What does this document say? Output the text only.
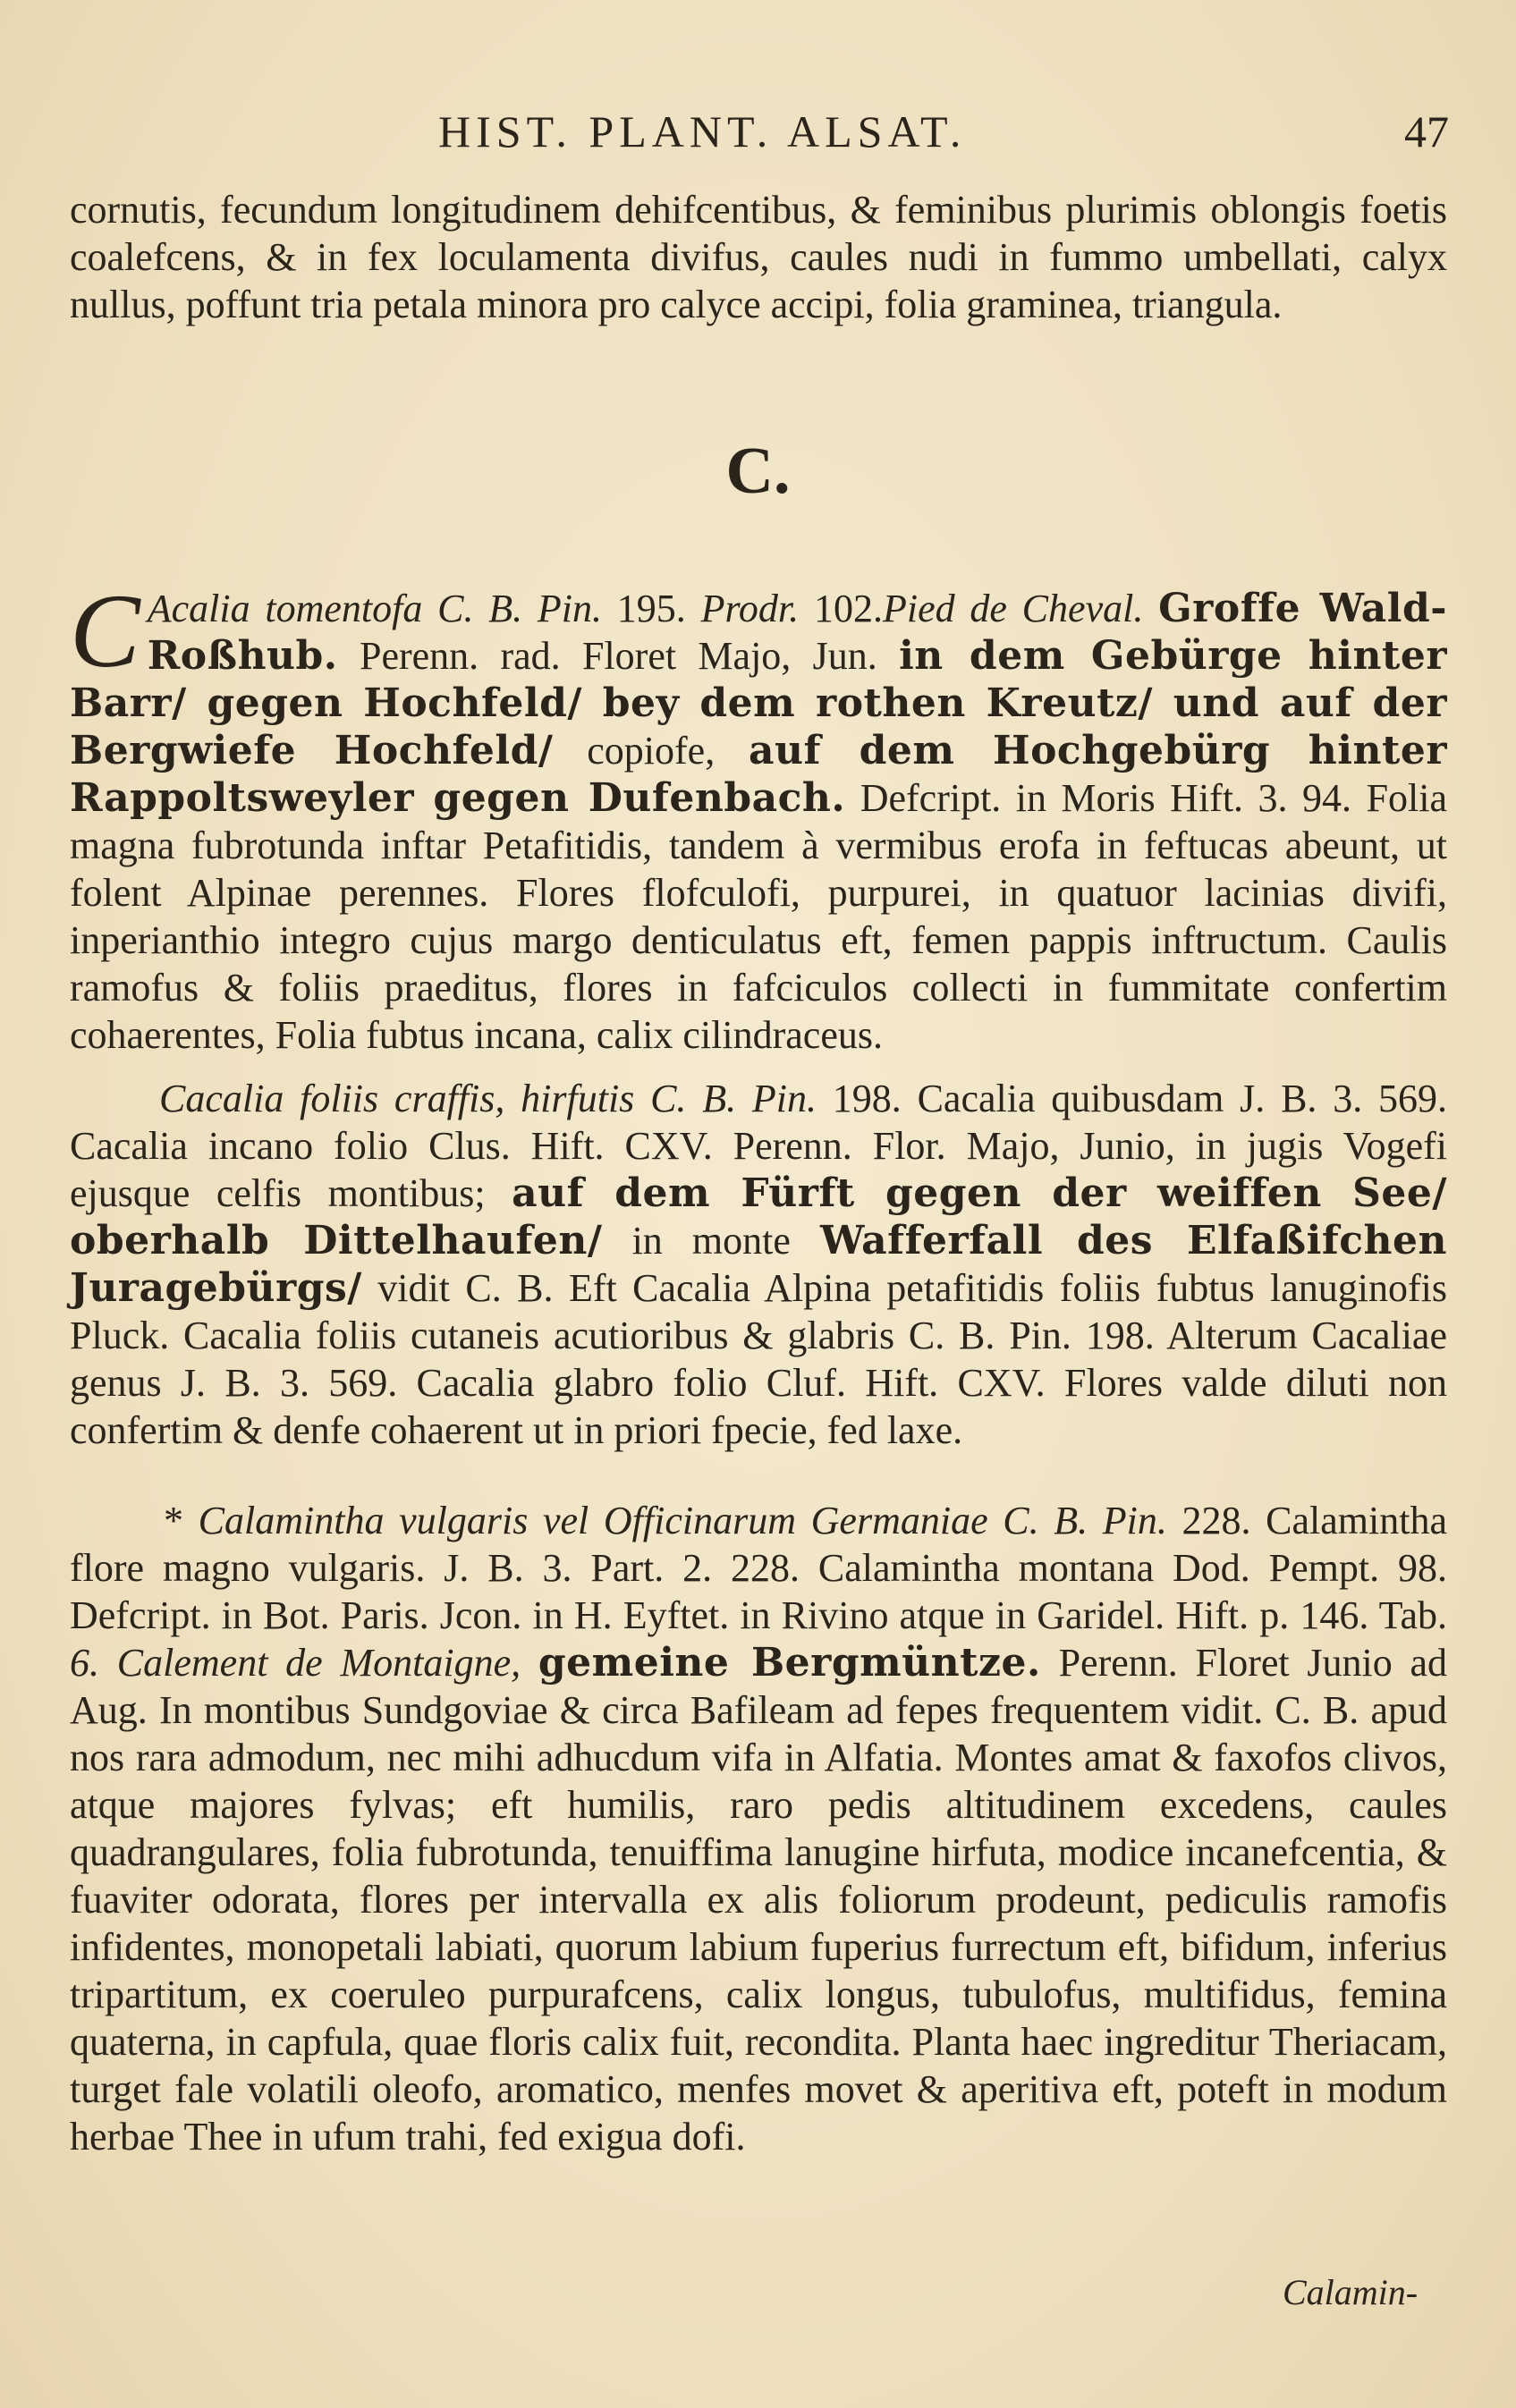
HIST. PLANT. ALSAT.	47

cornutis, fecundum longitudinem dehifcentibus, & feminibus plurimis oblongis foetis coalefcens, & in fex loculamenta divifus, caules nudi in fummo umbellati, calyx nullus, poffunt tria petala minora pro calyce accipi, folia graminea, triangula.

C.

C Acalia tomentofa C. B. Pin. 195. Prodr. 102.Pied de Cheval. Groffe Wald-Roßhub. Perenn. rad. Floret Majo, Jun. in dem Gebürge hinter Barr/ gegen Hochfeld/ bey dem rothen Kreutz/ und auf der Bergwiefe Hochfeld/ copiofe, auf dem Hochgebürg hinter Rappoltsweyler gegen Dufenbach. Defcript. in Moris Hift. 3. 94. Folia magna fubrotunda inftar Petafitidis, tandem à vermibus erofa in feftucas abeunt, ut folent Alpinae perennes. Flores flofculofi, purpurei, in quatuor lacinias divifi, inperianthio integro cujus margo denticulatus eft, femen pappis inftructum. Caulis ramofus & foliis praeditus, flores in fafciculos collecti in fummitate confertim cohaerentes, Folia fubtus incana, calix cilindraceus.

Cacalia foliis craffis, hirfutis C. B. Pin. 198. Cacalia quibusdam J. B. 3. 569. Cacalia incano folio Clus. Hift. CXV. Perenn. Flor. Majo, Junio, in jugis Vogefi ejusque celfis montibus; auf dem Fürft gegen der weiffen See/ oberhalb Dittelhaufen/ in monte Wafferfall des Elfaßifchen Juragebürgs/ vidit C. B. Eft Cacalia Alpina petafitidis foliis fubtus lanuginofis Pluck. Cacalia foliis cutaneis acutioribus & glabris C. B. Pin. 198. Alterum Cacaliae genus J. B. 3. 569. Cacalia glabro folio Cluf. Hift. CXV. Flores valde diluti non confertim & denfe cohaerent ut in priori fpecie, fed laxe.

* Calamintha vulgaris vel Officinarum Germaniae C. B. Pin. 228. Calamintha flore magno vulgaris. J. B. 3. Part. 2. 228. Calamintha montana Dod. Pempt. 98. Defcript. in Bot. Paris. Jcon. in H. Eyftet. in Rivino atque in Garidel. Hift. p. 146. Tab. 6. Calement de Montaigne, gemeine Bergmüntze. Perenn. Floret Junio ad Aug. In montibus Sundgoviae & circa Bafileam ad fepes frequentem vidit. C. B. apud nos rara admodum, nec mihi adhucdum vifa in Alfatia. Montes amat & faxofos clivos, atque majores fylvas; eft humilis, raro pedis altitudinem excedens, caules quadrangulares, folia fubrotunda, tenuiffima lanugine hirfuta, modice incanefcentia, & fuaviter odorata, flores per intervalla ex alis foliorum prodeunt, pediculis ramofis infidentes, monopetali labiati, quorum labium fuperius furrectum eft, bifidum, inferius tripartitum, ex coeruleo purpurafcens, calix longus, tubulofus, multifidus, femina quaterna, in capfula, quae floris calix fuit, recondita. Planta haec ingreditur Theriacam, turget fale volatili oleofo, aromatico, menfes movet & aperitiva eft, poteft in modum herbae Thee in ufum trahi, fed exigua dofi.

Calamin-
